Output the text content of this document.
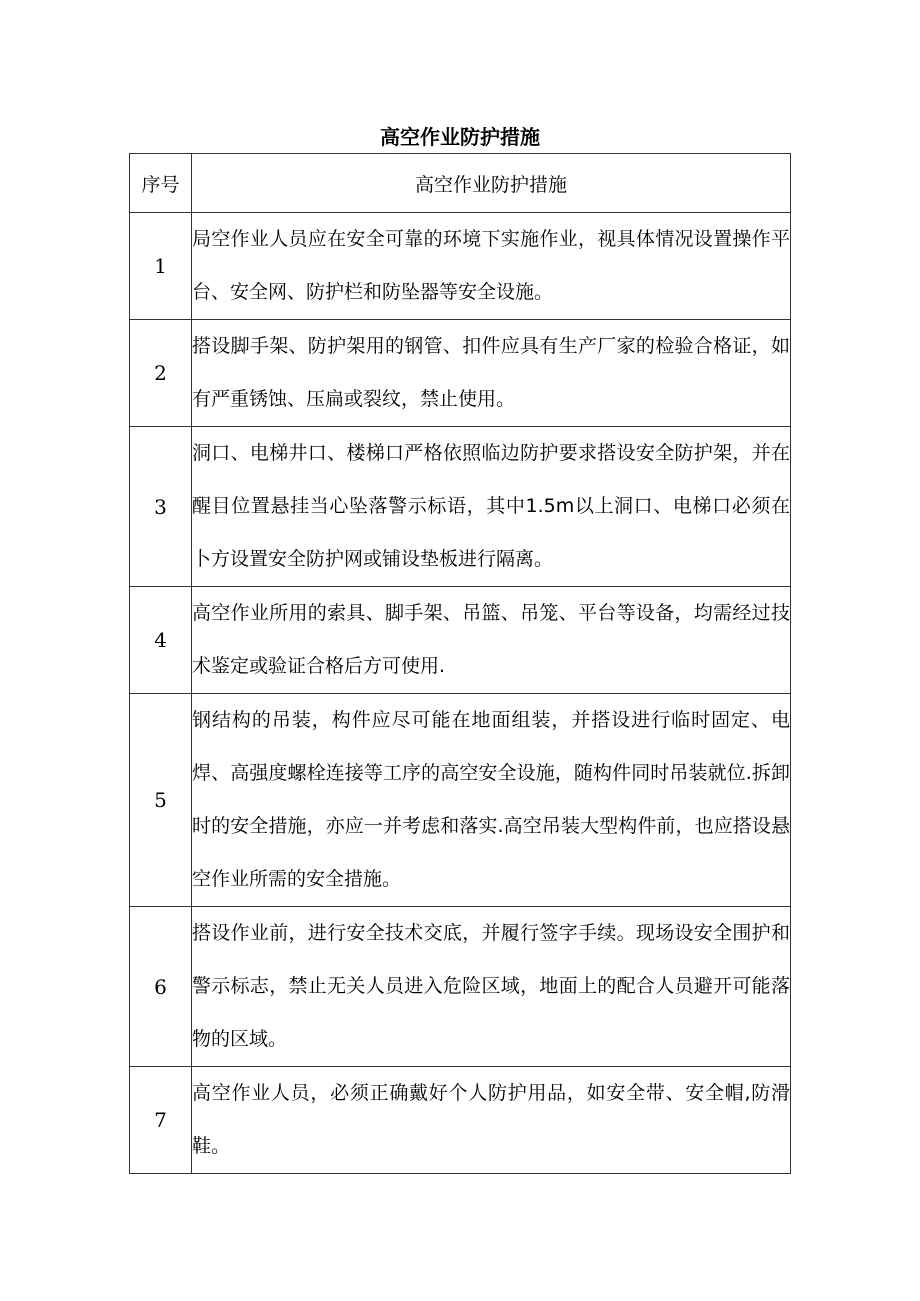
高空作业防护措施
序号	高空作业防护措施
1	局空作业人员应在安全可靠的环境下实施作业，视具体情况设置操作平台、安全网、防护栏和防坠器等安全设施。
2	搭设脚手架、防护架用的钢管、扣件应具有生产厂家的检验合格证，如有严重锈蚀、压扁或裂纹，禁止使用。
3	洞口、电梯井口、楼梯口严格依照临边防护要求搭设安全防护架，并在醒目位置悬挂当心坠落警示标语，其中1.5m以上洞口、电梯口必须在卜方设置安全防护网或铺设垫板进行隔离。
4	高空作业所用的索具、脚手架、吊篮、吊笼、平台等设备，均需经过技术鉴定或验证合格后方可使用.
5	钢结构的吊装，构件应尽可能在地面组装，并搭设进行临时固定、电焊、高强度螺栓连接等工序的高空安全设施，随构件同时吊装就位.拆卸时的安全措施，亦应一并考虑和落实.高空吊装大型构件前，也应搭设悬空作业所需的安全措施。
6	搭设作业前，进行安全技术交底，并履行签字手续。现场设安全围护和警示标志，禁止无关人员进入危险区域，地面上的配合人员避开可能落物的区域。
7	高空作业人员，必须正确戴好个人防护用品，如安全带、安全帽,防滑鞋。
